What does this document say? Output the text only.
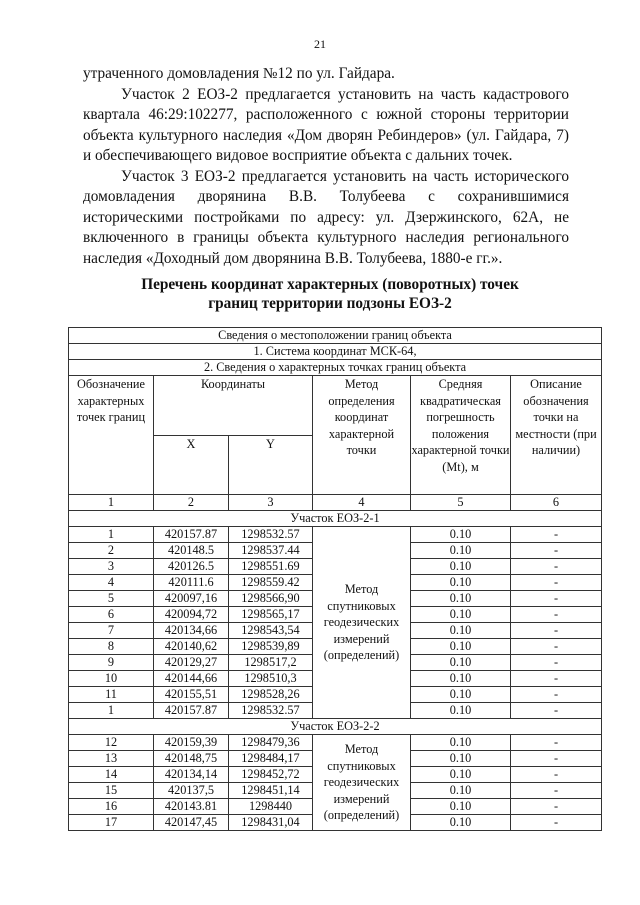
21

утраченного домовладения №12 по ул. Гайдара.

Участок 2 ЕОЗ-2 предлагается установить на часть кадастрового квартала 46:29:102277, расположенного с южной стороны территории объекта культурного наследия «Дом дворян Ребиндеров» (ул. Гайдара, 7) и обеспечивающего видовое восприятие объекта с дальних точек.

Участок 3 ЕОЗ-2 предлагается установить на часть исторического домовладения дворянина В.В. Толубеева с сохранившимися историческими постройками по адресу: ул. Дзержинского, 62А, не включенного в границы объекта культурного наследия регионального наследия «Доходный дом дворянина В.В. Толубеева, 1880-е гг.».

Перечень координат характерных (поворотных) точек
границ территории подзоны ЕОЗ-2
Сведения о местоположении границ объекта					
1. Система координат МСК-64,					
2. Сведения о характерных точках границ объекта					
Обозначение характерных точек границ	Координаты		Метод определения координат характерной точки	Средняя квадратическая погрешность положения характерной точки (Mt), м	Описание обозначения точки на местности (при наличии)
	X	Y			
1	2	3	4	5	6
Участок ЕОЗ-2-1					
1	420157.87	1298532.57	Метод спутниковых геодезических измерений (определений)	0.10	-
2	420148.5	1298537.44		0.10	-
3	420126.5	1298551.69		0.10	-
4	420111.6	1298559.42		0.10	-
5	420097,16	1298566,90		0.10	-
6	420094,72	1298565,17		0.10	-
7	420134,66	1298543,54		0.10	-
8	420140,62	1298539,89		0.10	-
9	420129,27	1298517,2		0.10	-
10	420144,66	1298510,3		0.10	-
11	420155,51	1298528,26		0.10	-
1	420157.87	1298532.57		0.10	-
Участок ЕОЗ-2-2					
12	420159,39	1298479,36	Метод спутниковых геодезических измерений (определений)	0.10	-
13	420148,75	1298484,17		0.10	-
14	420134,14	1298452,72		0.10	-
15	420137,5	1298451,14		0.10	-
16	420143.81	1298440		0.10	-
17	420147,45	1298431,04		0.10	-
